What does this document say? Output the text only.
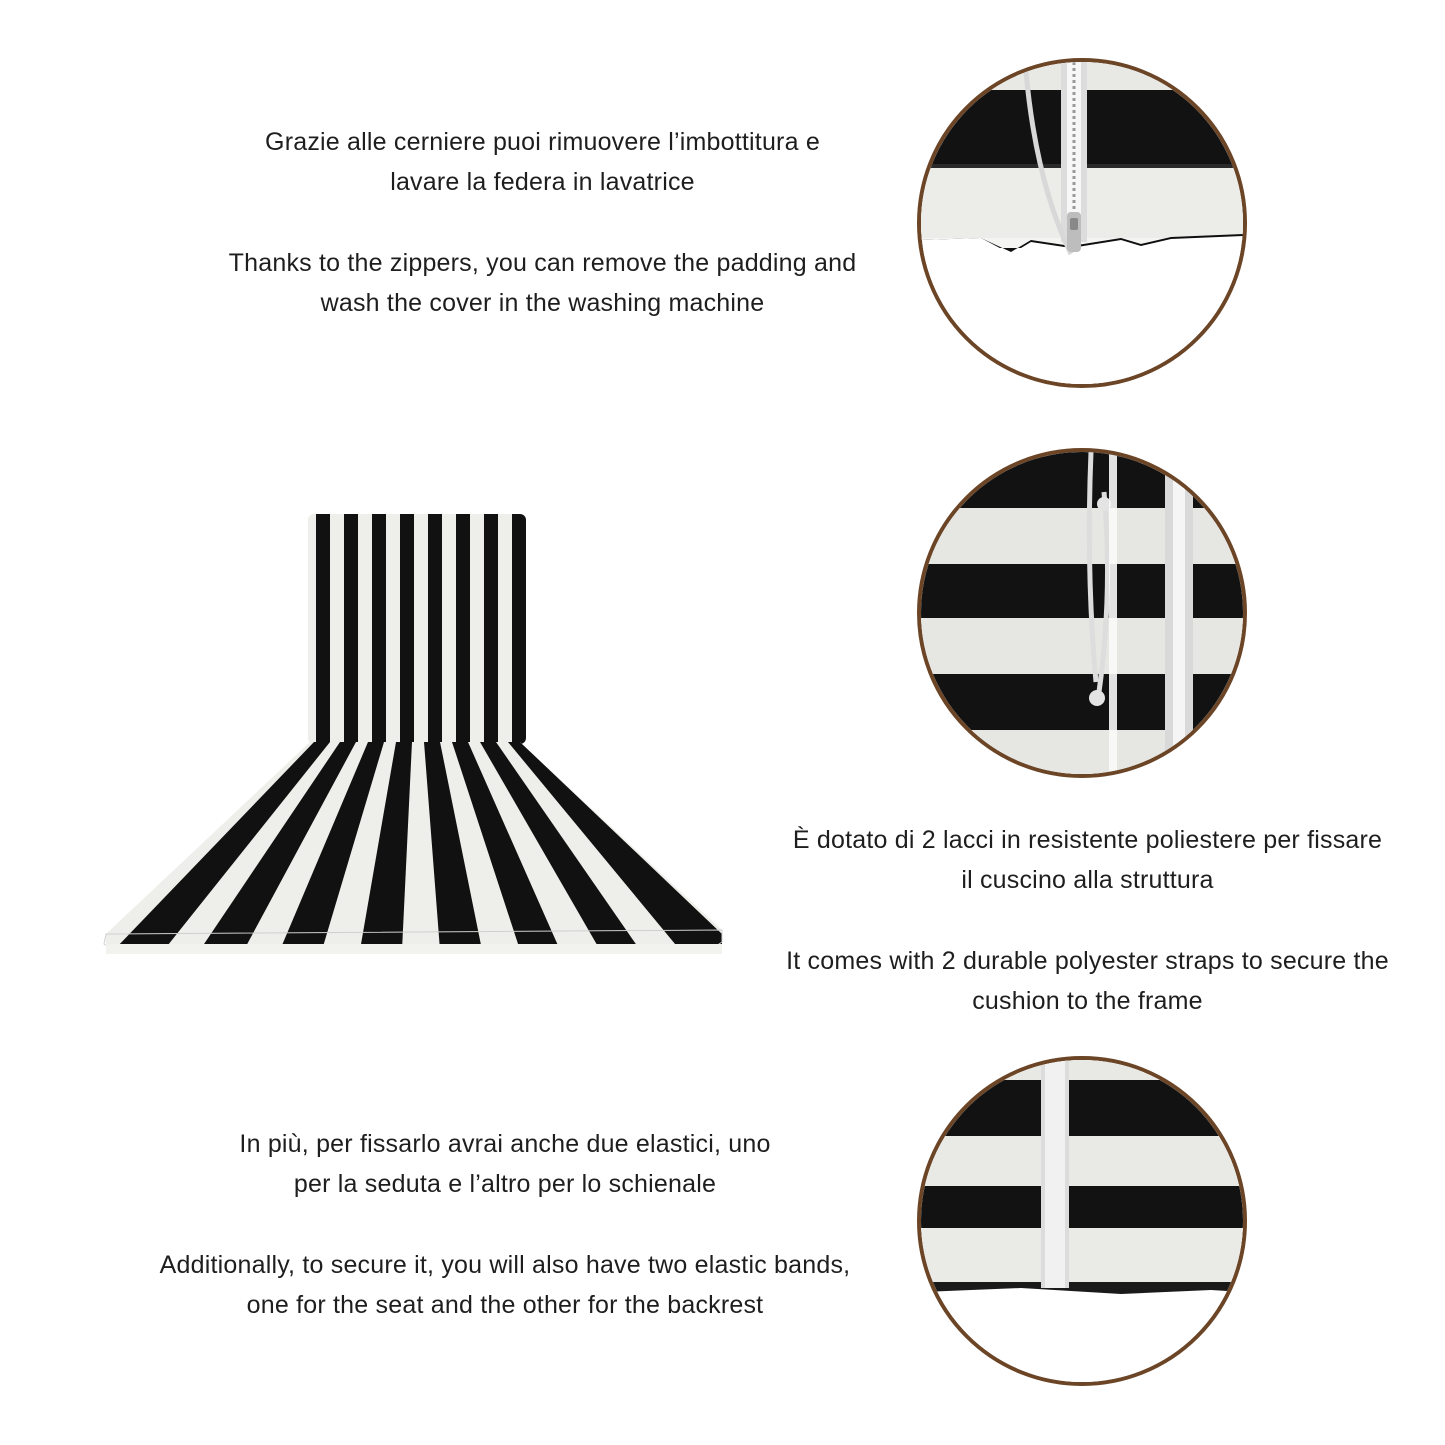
Grazie alle cerniere puoi rimuovere l’imbottitura e

lavare la federa in lavatrice

Thanks to the zippers, you can remove the padding and

wash the cover in the washing machine

È dotato di 2 lacci in resistente poliestere per fissare

il cuscino alla struttura

It comes with 2 durable polyester straps to secure the

cushion to the frame

In più, per fissarlo avrai anche due elastici, uno

per la seduta e l’altro per lo schienale

Additionally, to secure it, you will also have two elastic bands,

one for the seat and the other for the backrest
